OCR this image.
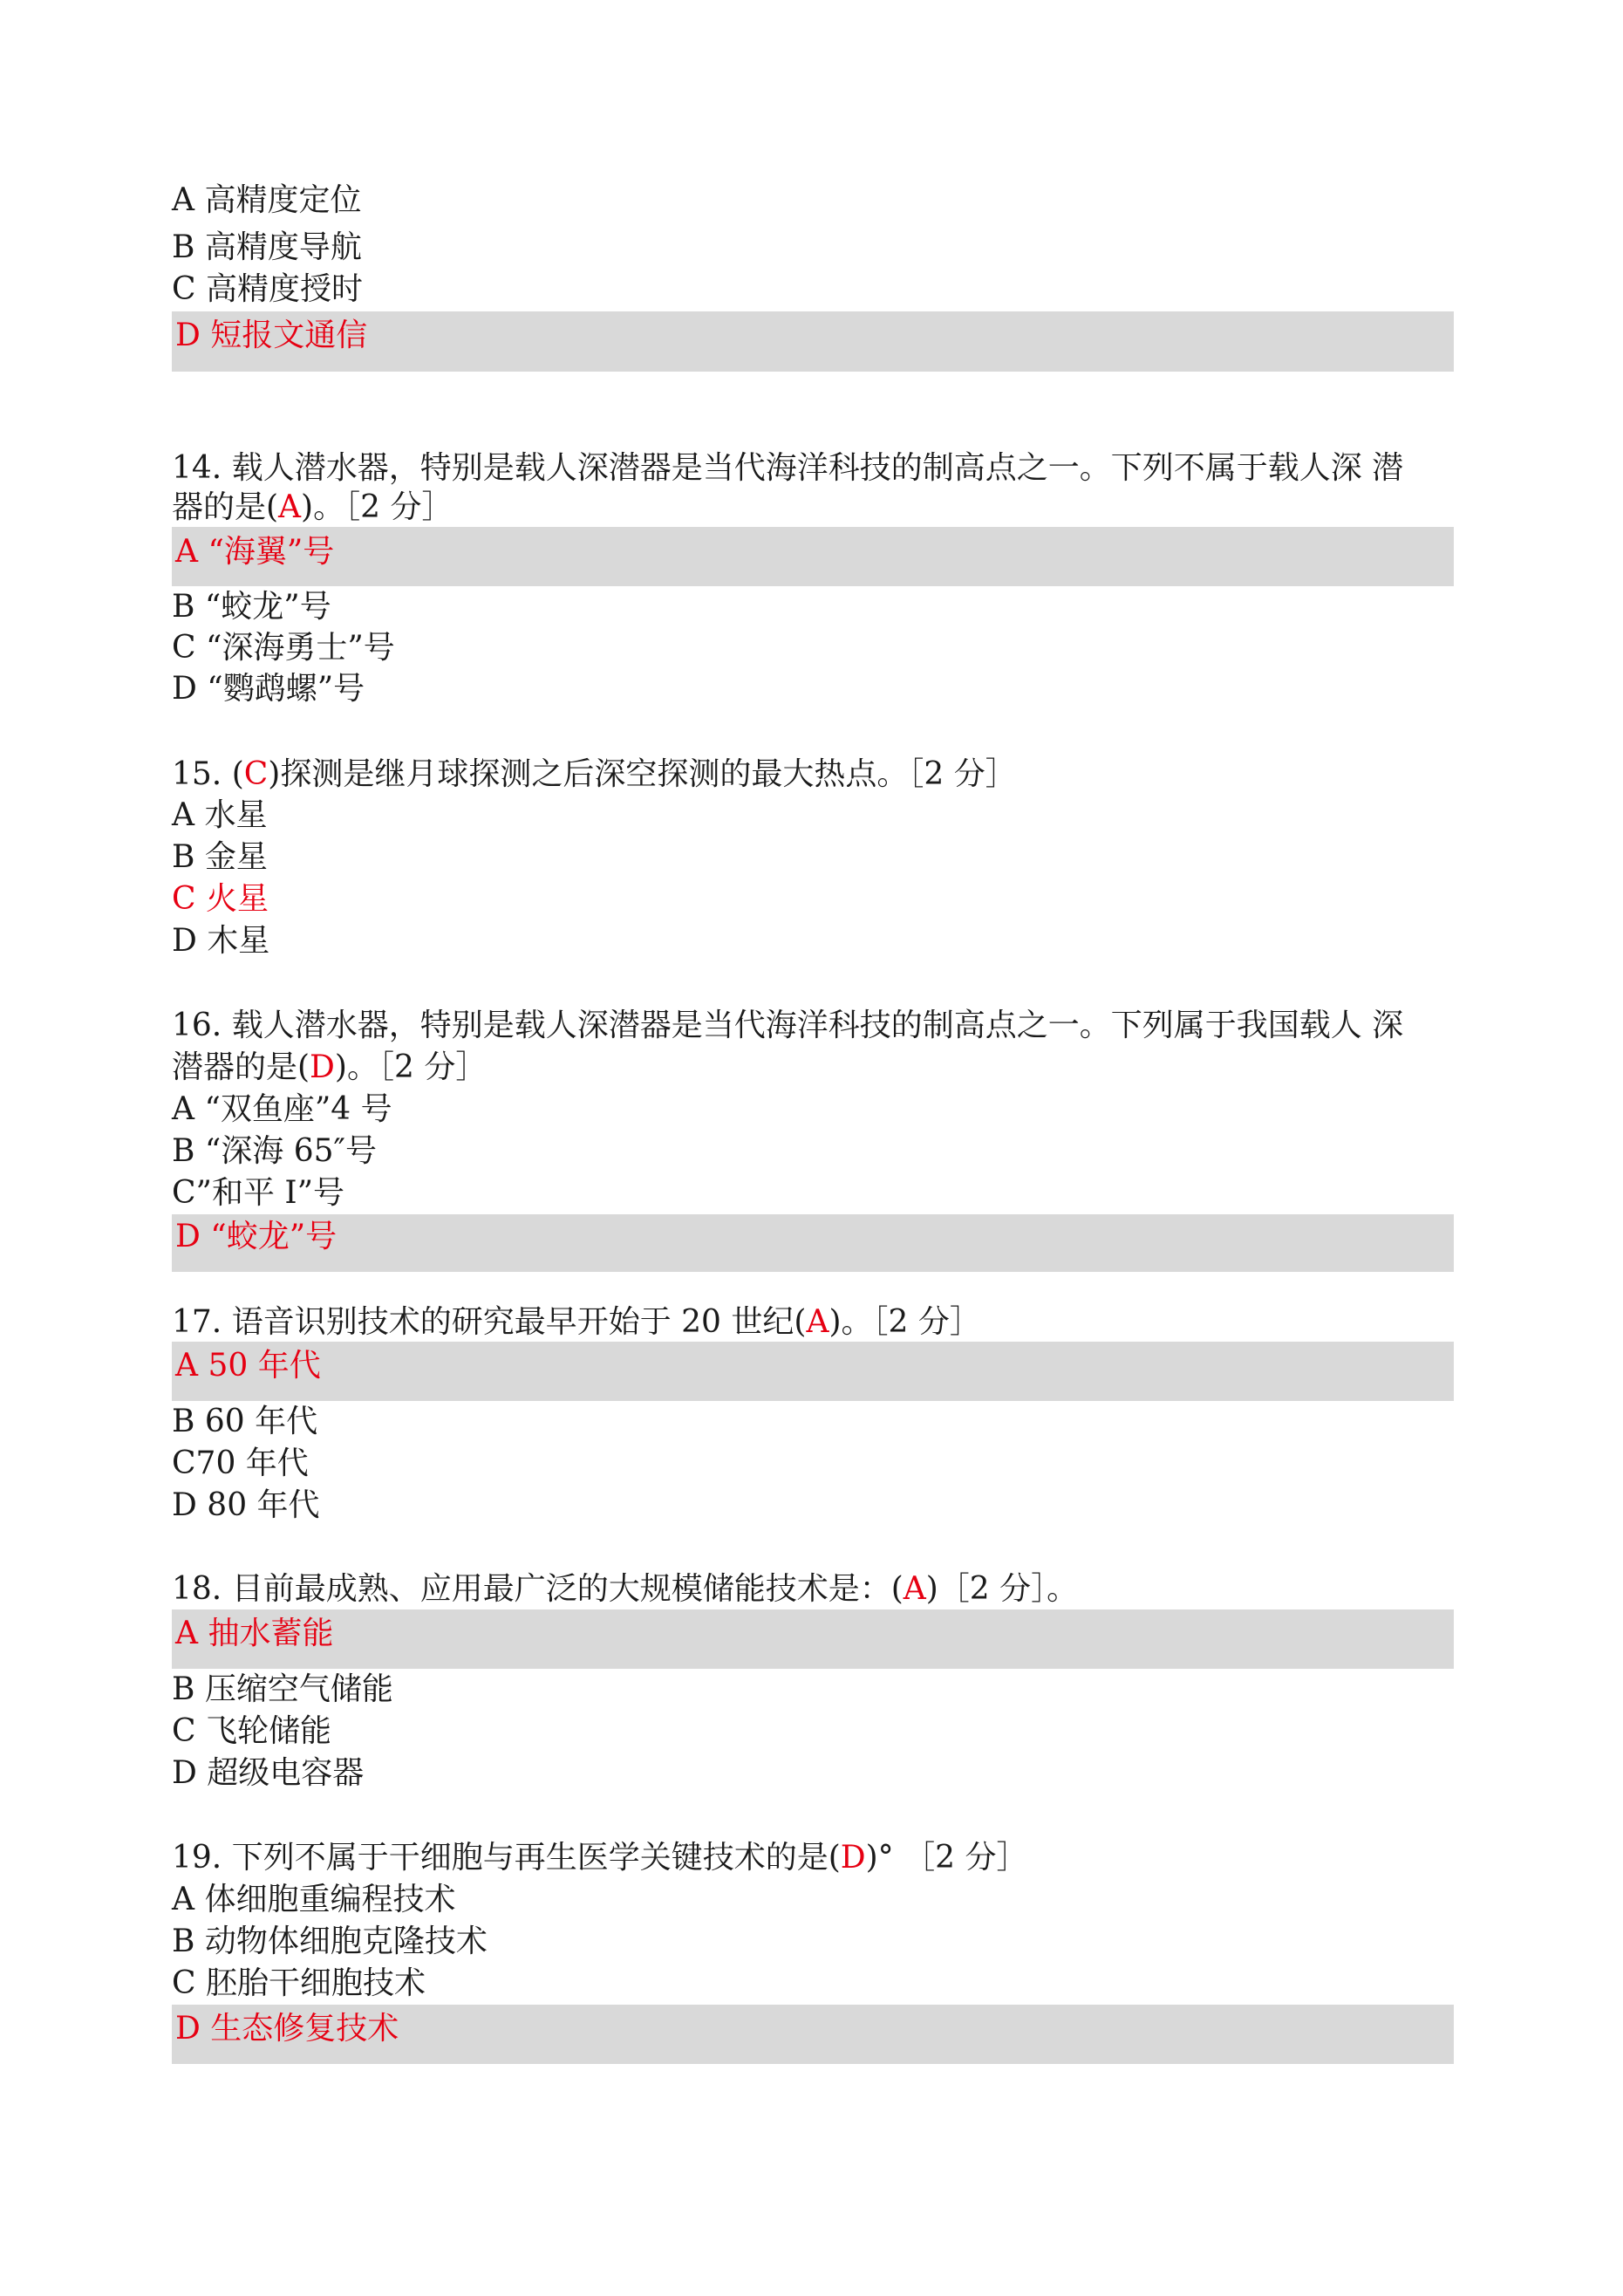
A 高精度定位
B 高精度导航
C 高精度授时
D 短报文通信
14. 载人潜水器，特别是载人深潜器是当代海洋科技的制高点之一。下列不属于载人深 潜
器的是(A)。［2 分］
A “海翼”号
B “蛟龙”号
C “深海勇士”号
D “鹦鹉螺”号
15. (C)探测是继月球探测之后深空探测的最大热点。［2 分］
A 水星
B 金星
C 火星
D 木星
16. 载人潜水器，特别是载人深潜器是当代海洋科技的制高点之一。下列属于我国载人 深
潜器的是(D)。［2 分］
A “双鱼座”4 号
B “深海 65″号
C”和平 I”号
D “蛟龙”号
17. 语音识别技术的研究最早开始于 20 世纪(A)。［2 分］
A 50 年代
B 60 年代
C70 年代
D 80 年代
18. 目前最成熟、应用最广泛的大规模储能技术是：(A)［2 分］。
A 抽水蓄能
B 压缩空气储能
C 飞轮储能
D 超级电容器
19. 下列不属于干细胞与再生医学关键技术的是(D)° ［2 分］
A 体细胞重编程技术
B 动物体细胞克隆技术
C 胚胎干细胞技术
D 生态修复技术
